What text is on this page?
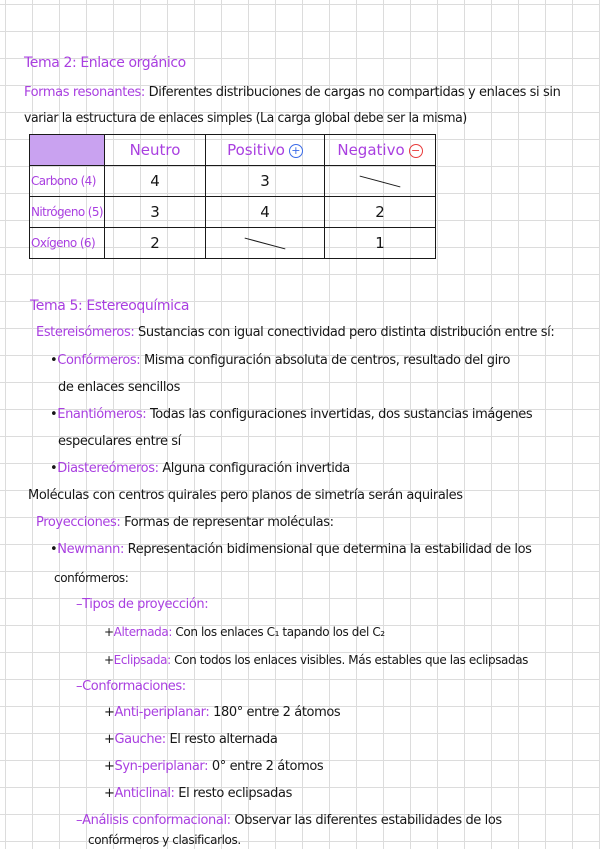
Tema 2: Enlace orgánico
Formas resonantes: Diferentes distribuciones de cargas no compartidas y enlaces si sin
variar la estructura de enlaces simples (La carga global debe ser la misma)
	Neutro	Positivo +	Negativo −
Carbono (4)	4	3	
Nitrógeno (5)	3	4	2
Oxígeno (6)	2		1
Tema 5: Estereoquímica
Estereisómeros: Sustancias con igual conectividad pero distinta distribución entre sí:
•Confórmeros: Misma configuración absoluta de centros, resultado del giro
de enlaces sencillos
•Enantiómeros: Todas las configuraciones invertidas, dos sustancias imágenes
especulares entre sí
•Diastereómeros: Alguna configuración invertida
Moléculas con centros quirales pero planos de simetría serán aquirales
Proyecciones: Formas de representar moléculas:
•Newmann: Representación bidimensional que determina la estabilidad de los
confórmeros:
–Tipos de proyección:
+Alternada: Con los enlaces C₁ tapando los del C₂
+Eclipsada: Con todos los enlaces visibles. Más estables que las eclipsadas
–Conformaciones:
+Anti-periplanar: 180° entre 2 átomos
+Gauche: El resto alternada
+Syn-periplanar: 0° entre 2 átomos
+Anticlinal: El resto eclipsadas
–Análisis conformacional: Observar las diferentes estabilidades de los
confórmeros y clasificarlos.
